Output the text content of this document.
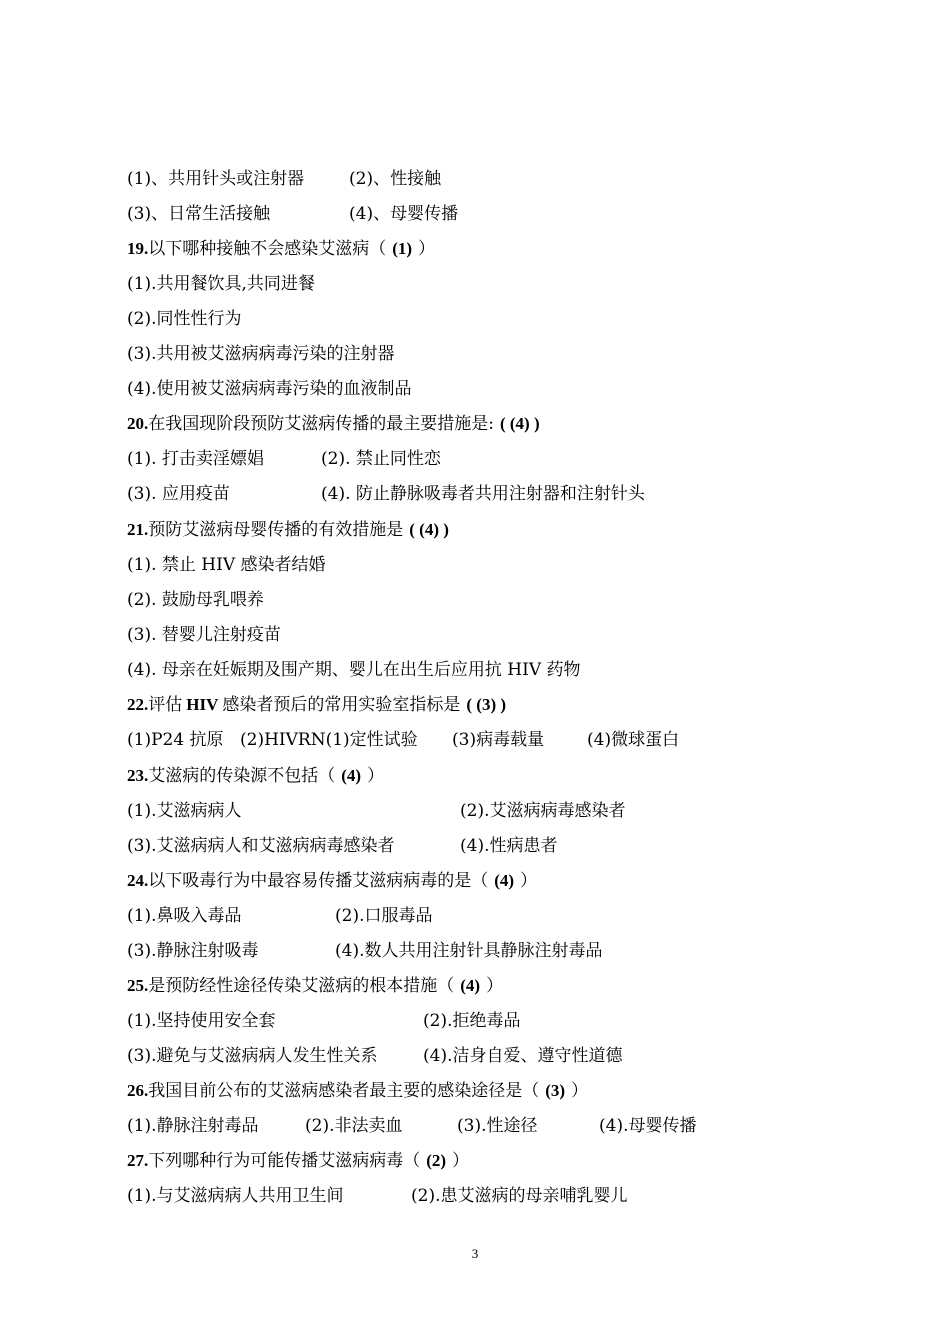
(1)、共用针头或注射器	(2)、性接触
(3)、日常生活接触	(4)、母婴传播
19.以下哪种接触不会感染艾滋病（ (1) ）
(1).共用餐饮具,共同进餐
(2).同性性行为
(3).共用被艾滋病病毒污染的注射器
(4).使用被艾滋病病毒污染的血液制品
20.在我国现阶段预防艾滋病传播的最主要措施是: ( (4) )
(1). 打击卖淫嫖娼	(2). 禁止同性恋
(3). 应用疫苗	(4). 防止静脉吸毒者共用注射器和注射针头
21.预防艾滋病母婴传播的有效措施是 ( (4) )
(1). 禁止 HIV 感染者结婚
(2). 鼓励母乳喂养
(3). 替婴儿注射疫苗
(4). 母亲在妊娠期及围产期、婴儿在出生后应用抗 HIV 药物
22.评估 HIV 感染者预后的常用实验室指标是 ( (3) )
(1)P24 抗原 (2)HIVRN(1)定性试验 (3)病毒载量	(4)微球蛋白
23.艾滋病的传染源不包括（ (4) ）
(1).艾滋病病人	(2).艾滋病病毒感染者
(3).艾滋病病人和艾滋病病毒感染者	(4).性病患者
24.以下吸毒行为中最容易传播艾滋病病毒的是（ (4) ）
(1).鼻吸入毒品	(2).口服毒品
(3).静脉注射吸毒	(4).数人共用注射针具静脉注射毒品
25.是预防经性途径传染艾滋病的根本措施（ (4) ）
(1).坚持使用安全套	(2).拒绝毒品
(3).避免与艾滋病病人发生性关系	(4).洁身自爱、遵守性道德
26.我国目前公布的艾滋病感染者最主要的感染途径是（ (3) ）
(1).静脉注射毒品	(2).非法卖血	(3).性途径	(4).母婴传播
27.下列哪种行为可能传播艾滋病病毒（ (2) ）
(1).与艾滋病病人共用卫生间	(2).患艾滋病的母亲哺乳婴儿
3
